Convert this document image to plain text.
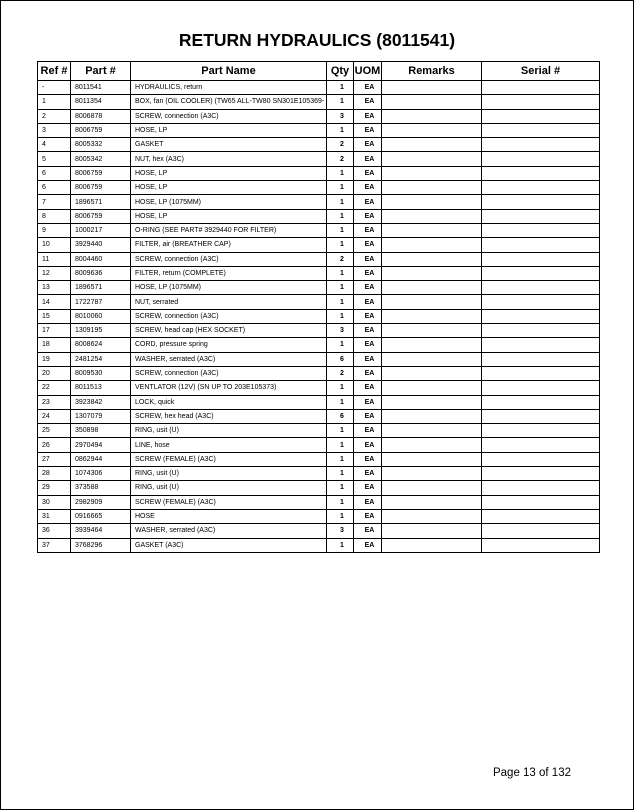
RETURN HYDRAULICS (8011541)
Ref #	Part #	Part Name	Qty	UOM	Remarks	Serial #
-	8011541	HYDRAULICS, return	1	EA		
1	8011354	BOX, fan (OIL COOLER) (TW65 ALL-TW80 SN301E105369-	1	EA		
2	8006878	SCREW, connection (A3C)	3	EA		
3	8006759	HOSE, LP	1	EA		
4	8005332	GASKET	2	EA		
5	8005342	NUT, hex (A3C)	2	EA		
6	8006759	HOSE, LP	1	EA		
6	8006759	HOSE, LP	1	EA		
7	1896571	HOSE, LP (1075MM)	1	EA		
8	8006759	HOSE, LP	1	EA		
9	1000217	O-RING (SEE PART# 3929440 FOR FILTER)	1	EA		
10	3929440	FILTER, air (BREATHER CAP)	1	EA		
11	8004460	SCREW, connection (A3C)	2	EA		
12	8009636	FILTER, return (COMPLETE)	1	EA		
13	1896571	HOSE, LP (1075MM)	1	EA		
14	1722787	NUT, serrated	1	EA		
15	8010060	SCREW, connection (A3C)	1	EA		
17	1309195	SCREW, head cap (HEX SOCKET)	3	EA		
18	8008624	CORD, pressure spring	1	EA		
19	2481254	WASHER, serrated (A3C)	6	EA		
20	8009530	SCREW, connection (A3C)	2	EA		
22	8011513	VENTLATOR (12V) (SN UP TO 203E105373)	1	EA		
23	3923842	LOCK, quick	1	EA		
24	1307079	SCREW, hex head (A3C)	6	EA		
25	350898	RING, usit (U)	1	EA		
26	2970494	LINE, hose	1	EA		
27	0862944	SCREW (FEMALE) (A3C)	1	EA		
28	1074306	RING, usit (U)	1	EA		
29	373588	RING, usit (U)	1	EA		
30	2982909	SCREW (FEMALE) (A3C)	1	EA		
31	0916665	HOSE	1	EA		
36	3939464	WASHER, serrated (A3C)	3	EA		
37	3768296	GASKET (A3C)	1	EA		
Page 13 of 132
